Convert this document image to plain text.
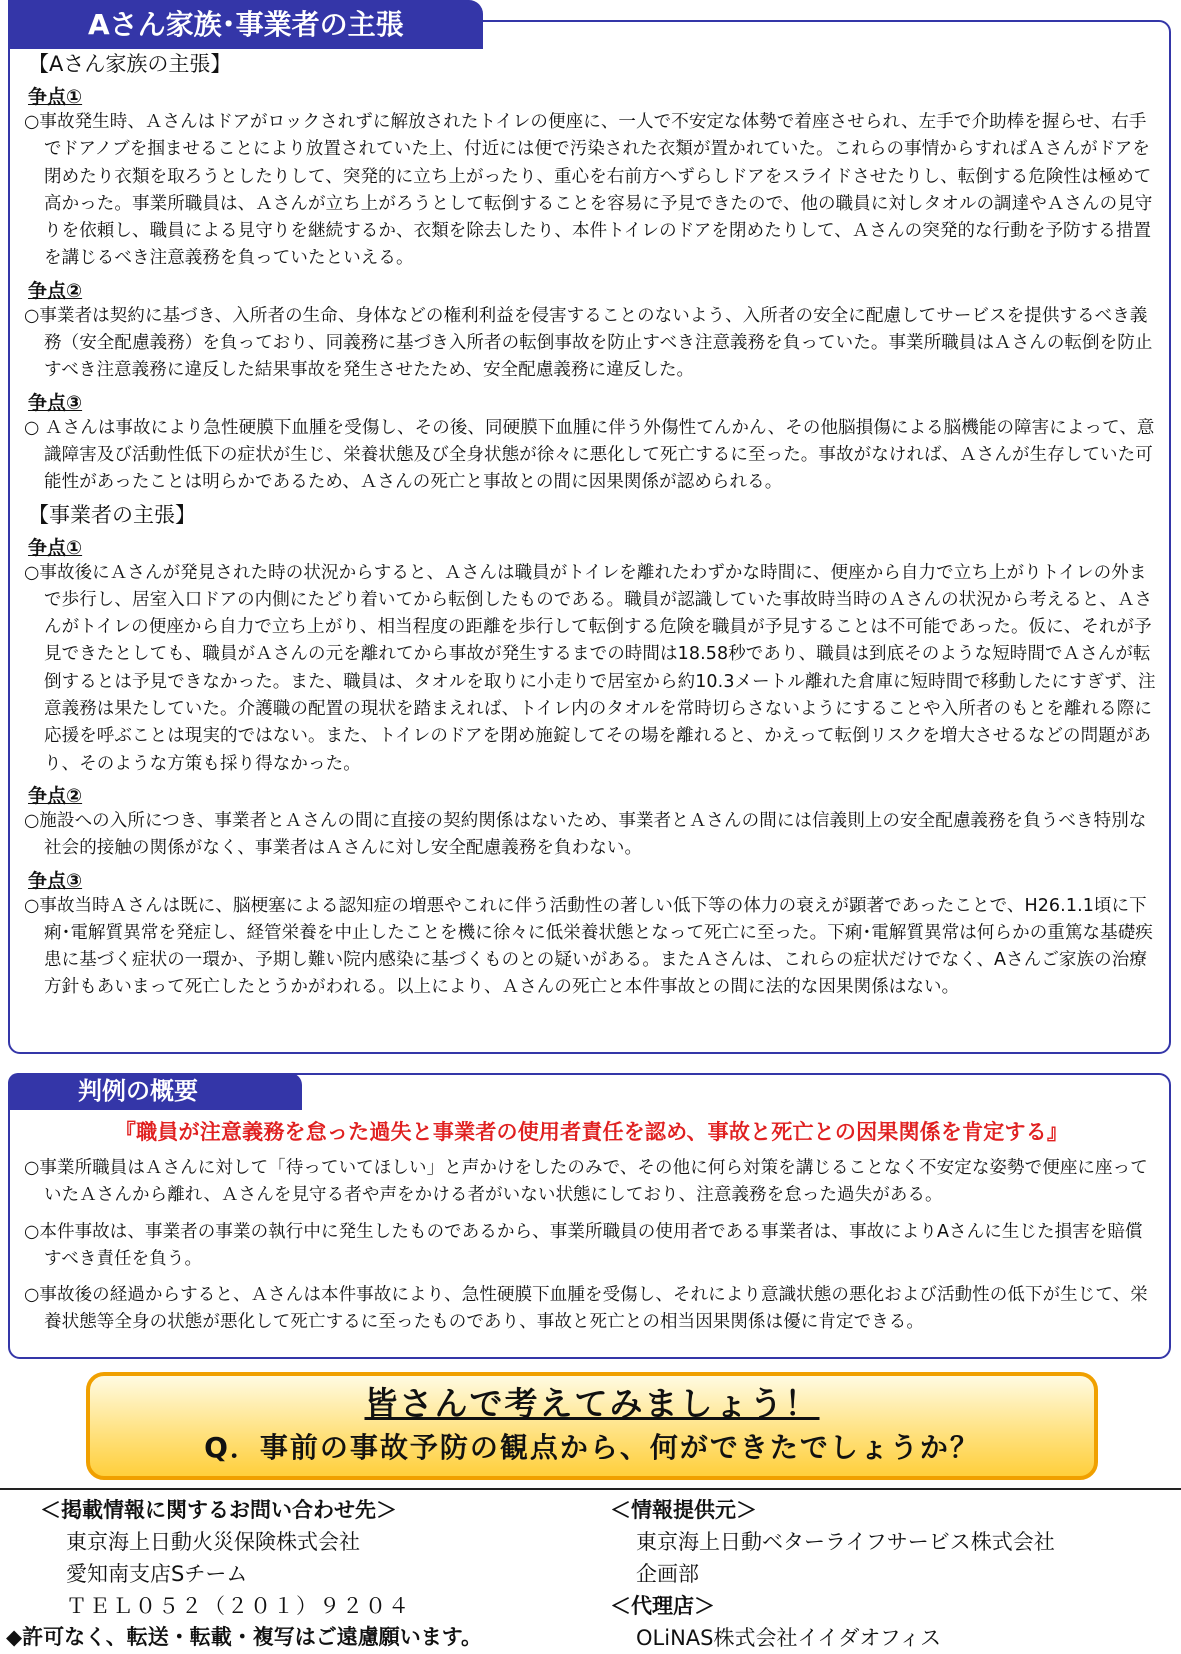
Aさん家族･事業者の主張
【Aさん家族の主張】
争点①
○事故発生時、Ａさんはドアがロックされずに解放されたトイレの便座に、一人で不安定な体勢で着座させられ、左手で介助棒を握らせ、右手でドアノブを掴ませることにより放置されていた上、付近には便で汚染された衣類が置かれていた。これらの事情からすればＡさんがドアを閉めたり衣類を取ろうとしたりして、突発的に立ち上がったり、重心を右前方へずらしドアをスライドさせたりし、転倒する危険性は極めて高かった。事業所職員は、Ａさんが立ち上がろうとして転倒することを容易に予見できたので、他の職員に対しタオルの調達やＡさんの見守りを依頼し、職員による見守りを継続するか、衣類を除去したり、本件トイレのドアを閉めたりして、Ａさんの突発的な行動を予防する措置を講じるべき注意義務を負っていたといえる。
争点②
○事業者は契約に基づき、入所者の生命、身体などの権利利益を侵害することのないよう、入所者の安全に配慮してサービスを提供するべき義務（安全配慮義務）を負っており、同義務に基づき入所者の転倒事故を防止すべき注意義務を負っていた。事業所職員はＡさんの転倒を防止すべき注意義務に違反した結果事故を発生させたため、安全配慮義務に違反した。
争点③
○ Ａさんは事故により急性硬膜下血腫を受傷し、その後、同硬膜下血腫に伴う外傷性てんかん、その他脳損傷による脳機能の障害によって、意識障害及び活動性低下の症状が生じ、栄養状態及び全身状態が徐々に悪化して死亡するに至った。事故がなければ、Ａさんが生存していた可能性があったことは明らかであるため、Ａさんの死亡と事故との間に因果関係が認められる。
【事業者の主張】
争点①
○事故後にＡさんが発見された時の状況からすると、Ａさんは職員がトイレを離れたわずかな時間に、便座から自力で立ち上がりトイレの外まで歩行し、居室入口ドアの内側にたどり着いてから転倒したものである。職員が認識していた事故時当時のＡさんの状況から考えると、Ａさんがトイレの便座から自力で立ち上がり、相当程度の距離を歩行して転倒する危険を職員が予見することは不可能であった。仮に、それが予見できたとしても、職員がＡさんの元を離れてから事故が発生するまでの時間は18.58秒であり、職員は到底そのような短時間でＡさんが転倒するとは予見できなかった。また、職員は、タオルを取りに小走りで居室から約10.3メートル離れた倉庫に短時間で移動したにすぎず、注意義務は果たしていた。介護職の配置の現状を踏まえれば、トイレ内のタオルを常時切らさないようにすることや入所者のもとを離れる際に応援を呼ぶことは現実的ではない。また、トイレのドアを閉め施錠してその場を離れると、かえって転倒リスクを増大させるなどの問題があり、そのような方策も採り得なかった。
争点②
○施設への入所につき、事業者とＡさんの間に直接の契約関係はないため、事業者とＡさんの間には信義則上の安全配慮義務を負うべき特別な社会的接触の関係がなく、事業者はＡさんに対し安全配慮義務を負わない。
争点③
○事故当時Ａさんは既に、脳梗塞による認知症の増悪やこれに伴う活動性の著しい低下等の体力の衰えが顕著であったことで、H26.1.1頃に下痢･電解質異常を発症し、経管栄養を中止したことを機に徐々に低栄養状態となって死亡に至った。下痢･電解質異常は何らかの重篤な基礎疾患に基づく症状の一環か、予期し難い院内感染に基づくものとの疑いがある。またＡさんは、これらの症状だけでなく、Aさんご家族の治療方針もあいまって死亡したとうかがわれる。以上により、Ａさんの死亡と本件事故との間に法的な因果関係はない。
判例の概要
『職員が注意義務を怠った過失と事業者の使用者責任を認め、事故と死亡との因果関係を肯定する』
○事業所職員はＡさんに対して「待っていてほしい」と声かけをしたのみで、その他に何ら対策を講じることなく不安定な姿勢で便座に座っていたＡさんから離れ、Ａさんを見守る者や声をかける者がいない状態にしており、注意義務を怠った過失がある。
○本件事故は、事業者の事業の執行中に発生したものであるから、事業所職員の使用者である事業者は、事故によりAさんに生じた損害を賠償すべき責任を負う。
○事故後の経過からすると、Ａさんは本件事故により、急性硬膜下血腫を受傷し、それにより意識状態の悪化および活動性の低下が生じて、栄養状態等全身の状態が悪化して死亡するに至ったものであり、事故と死亡との相当因果関係は優に肯定できる。
皆さんで考えてみましょう！
Q．事前の事故予防の観点から、何ができたでしょうか？
＜掲載情報に関するお問い合わせ先＞
東京海上日動火災保険株式会社
愛知南支店Sチーム
ＴＥＬ０５２（２０１）９２０４
＜情報提供元＞
東京海上日動ベターライフサービス株式会社
企画部
＜代理店＞
OLiNAS株式会社イイダオフィス
◆許可なく、転送・転載・複写はご遠慮願います。
